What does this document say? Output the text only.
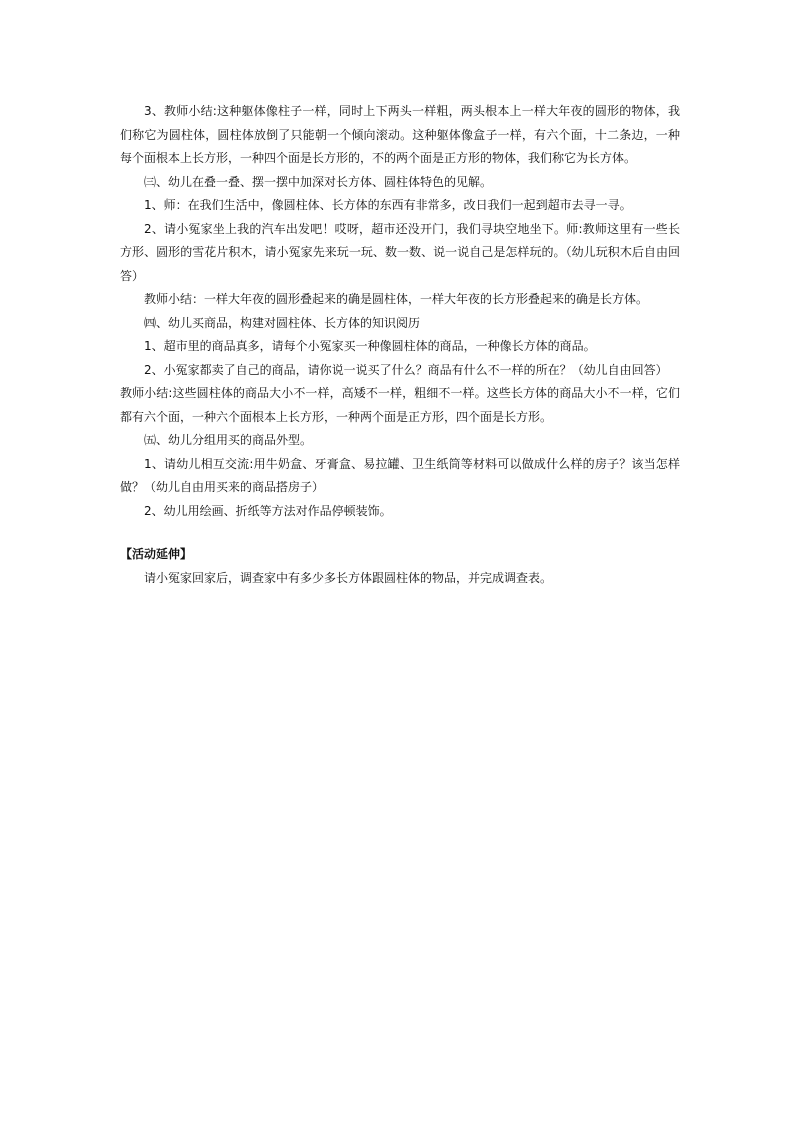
3、教师小结:这种躯体像柱子一样，同时上下两头一样粗，两头根本上一样大年夜的圆形的物体，我们称它为圆柱体，圆柱体放倒了只能朝一个倾向滚动。这种躯体像盒子一样，有六个面，十二条边，一种每个面根本上长方形，一种四个面是长方形的，不的两个面是正方形的物体，我们称它为长方体。

㈢、幼儿在叠一叠、摆一摆中加深对长方体、圆柱体特色的见解。

1、师：在我们生活中，像圆柱体、长方体的东西有非常多，改日我们一起到超市去寻一寻。

2、请小冤家坐上我的汽车出发吧！哎呀，超市还没开门，我们寻块空地坐下。师:教师这里有一些长方形、圆形的雪花片积木，请小冤家先来玩一玩、数一数、说一说自己是怎样玩的。（幼儿玩积木后自由回答）

教师小结：一样大年夜的圆形叠起来的确是圆柱体，一样大年夜的长方形叠起来的确是长方体。

㈣、幼儿买商品，构建对圆柱体、长方体的知识阅历

1、超市里的商品真多，请每个小冤家买一种像圆柱体的商品，一种像长方体的商品。

2、小冤家都卖了自己的商品，请你说一说买了什么？商品有什么不一样的所在？（幼儿自由回答）

教师小结:这些圆柱体的商品大小不一样，高矮不一样，粗细不一样。这些长方体的商品大小不一样，它们都有六个面，一种六个面根本上长方形，一种两个面是正方形，四个面是长方形。

㈤、幼儿分组用买的商品外型。

1、请幼儿相互交流:用牛奶盒、牙膏盒、易拉罐、卫生纸筒等材料可以做成什么样的房子？该当怎样做？（幼儿自由用买来的商品搭房子）

2、幼儿用绘画、折纸等方法对作品停顿装饰。

【活动延伸】

请小冤家回家后，调查家中有多少多长方体跟圆柱体的物品，并完成调查表。
